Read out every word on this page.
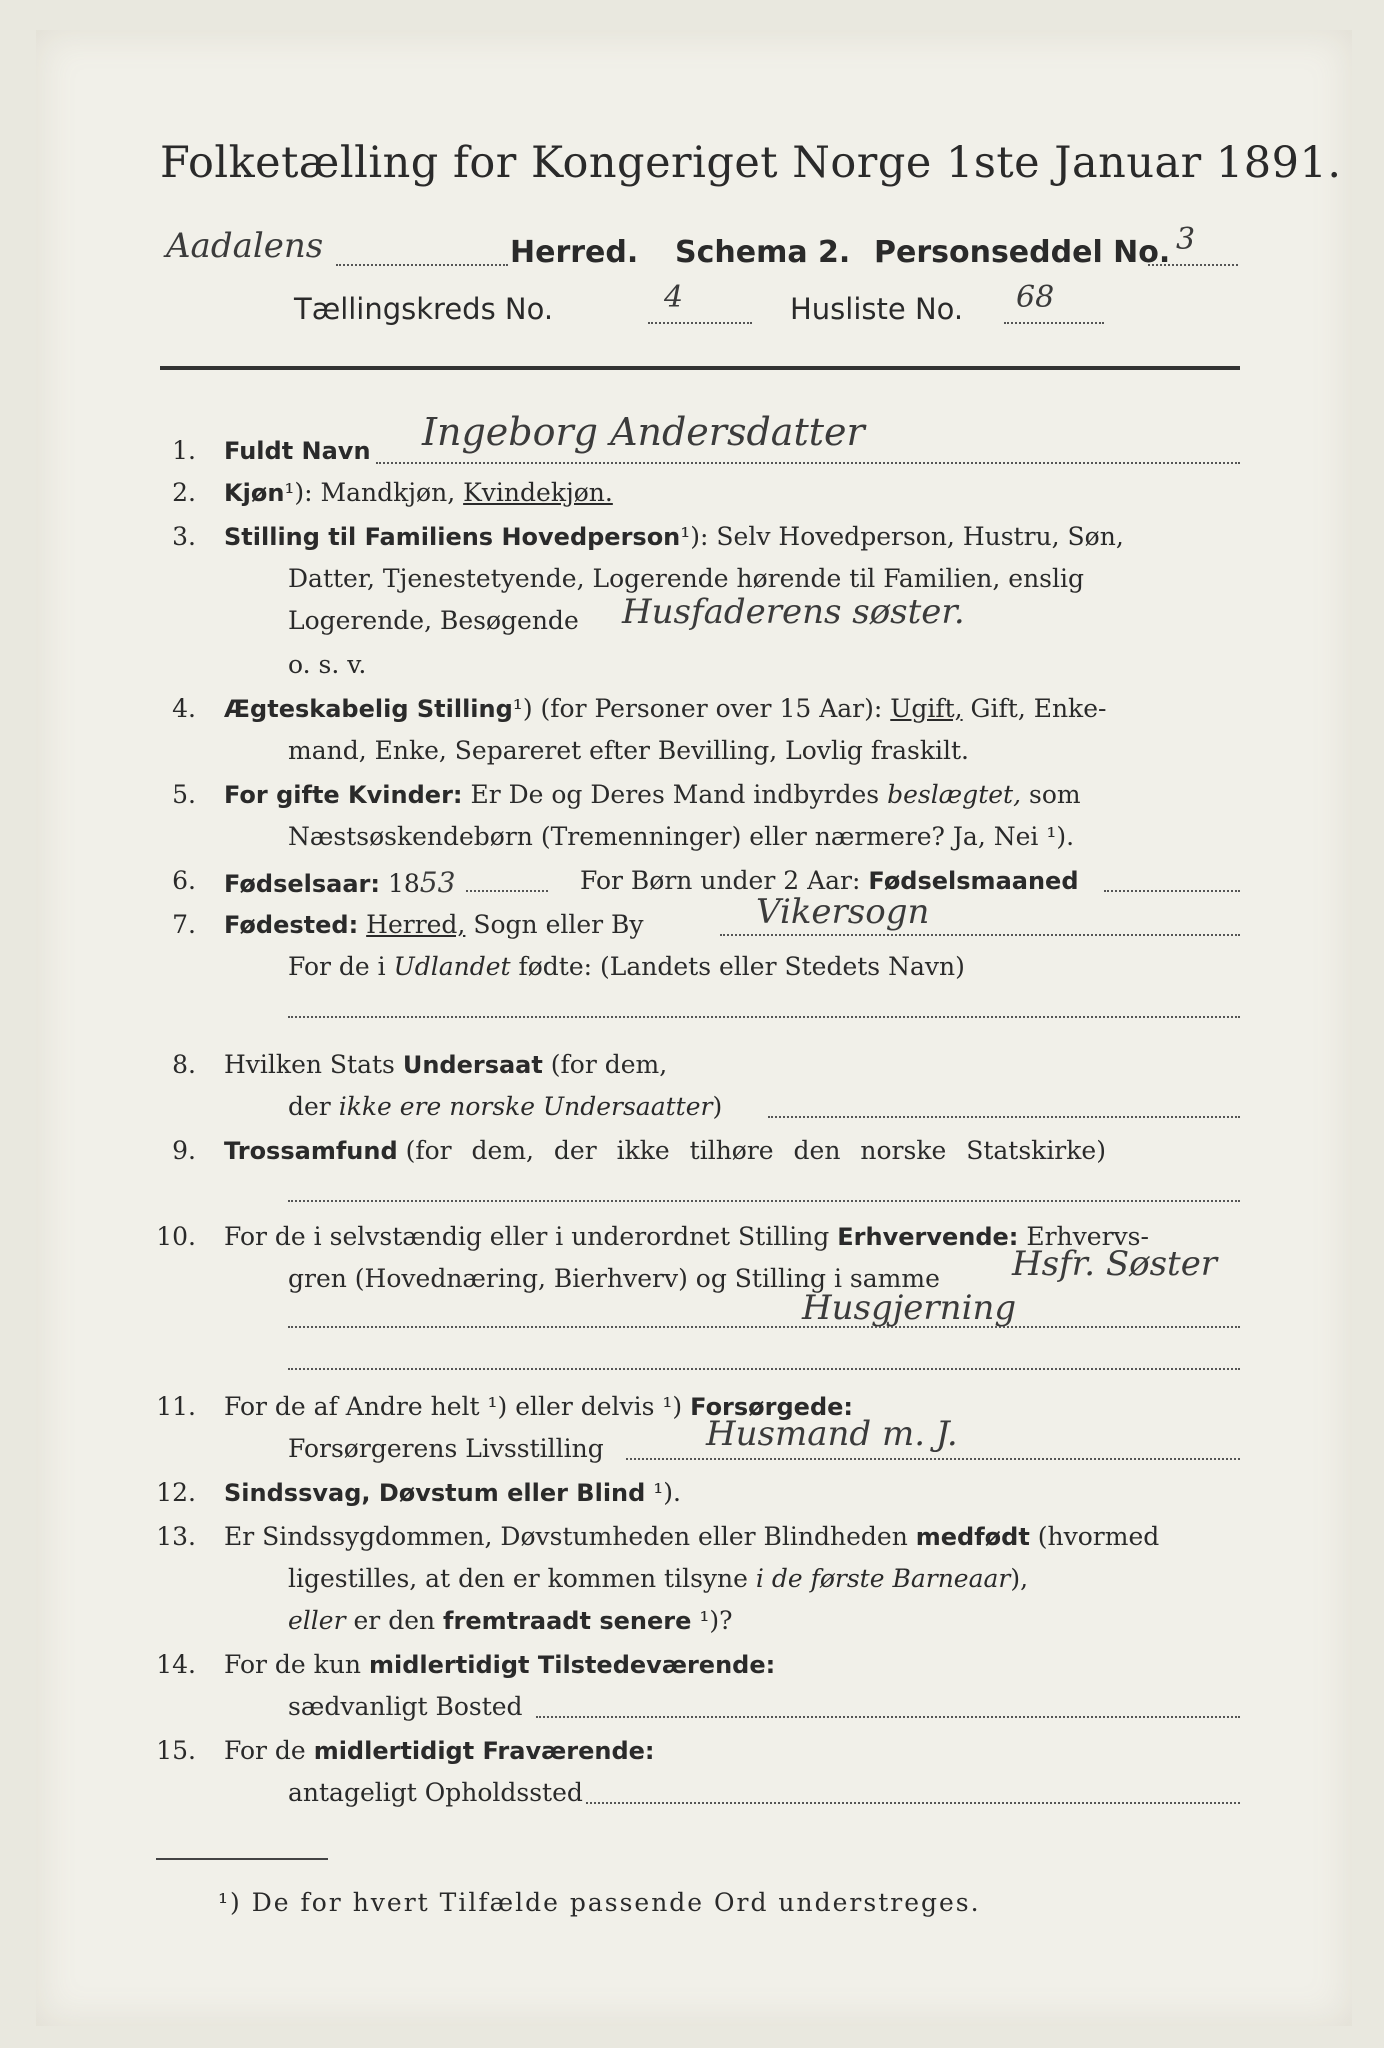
Folketælling for Kongeriget Norge 1ste Januar 1891.
Aadalens	Herred. Schema 2. Personseddel No. 3
Tællingskreds No.	4	Husliste No. 68
1. Fuldt Navn Ingeborg Andersdatter
2. Kjøn¹): Mandkjøn, Kvindekjøn.
3. Stilling til Familiens Hovedperson¹): Selv Hovedperson, Hustru, Søn,
Datter, Tjenestetyende, Logerende hørende til Familien, enslig
Logerende, Besøgende Husfaderens søster.
o. s. v.
4. Ægteskabelig Stilling¹) (for Personer over 15 Aar): Ugift, Gift, Enke-
mand, Enke, Separeret efter Bevilling, Lovlig fraskilt.
5. For gifte Kvinder: Er De og Deres Mand indbyrdes beslægtet, som
Næstsøskendebørn (Tremenninger) eller nærmere? Ja, Nei ¹).
6. Fødselsaar: 1853	For Børn under 2 Aar: Fødselsmaaned
7. Fødested: Herred, Sogn eller By	Vikersogn
For de i Udlandet fødte: (Landets eller Stedets Navn)
8. Hvilken Stats Undersaat (for dem,
der ikke ere norske Undersaatter)
9. Trossamfund (for dem, der ikke tilhøre den norske Statskirke)
10. For de i selvstændig eller i underordnet Stilling Erhvervende: Erhvervs-
gren (Hovednæring, Bierhverv) og Stilling i samme Hsfr. Søster
Husgjerning
11. For de af Andre helt ¹) eller delvis ¹) Forsørgede:
Forsørgerens Livsstilling	Husmand m. J.
12. Sindssvag, Døvstum eller Blind ¹).
13. Er Sindssygdommen, Døvstumheden eller Blindheden medfødt (hvormed
ligestilles, at den er kommen tilsyne i de første Barneaar),
eller er den fremtraadt senere ¹)?
14. For de kun midlertidigt Tilstedeværende:
sædvanligt Bosted
15. For de midlertidigt Fraværende:
antageligt Opholdssted
¹) De for hvert Tilfælde passende Ord understreges.
